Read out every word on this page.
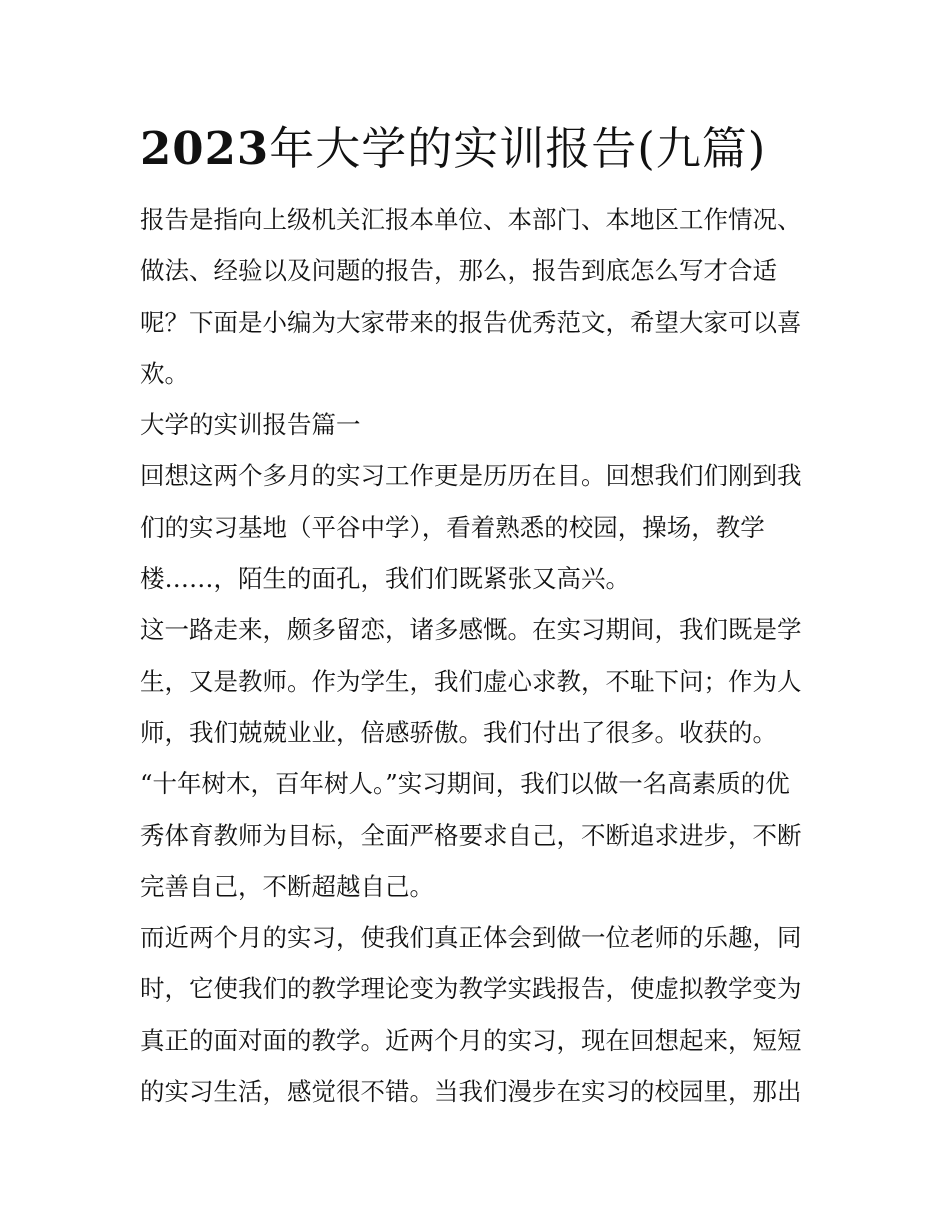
2023年大学的实训报告(九篇)

报告是指向上级机关汇报本单位、本部门、本地区工作情况、
做法、经验以及问题的报告，那么，报告到底怎么写才合适
呢？下面是小编为大家带来的报告优秀范文，希望大家可以喜
欢。

大学的实训报告篇一

回想这两个多月的实习工作更是历历在目。回想我们们刚到我
们的实习基地（平谷中学），看着熟悉的校园，操场，教学
楼……，陌生的面孔，我们们既紧张又高兴。

这一路走来，颇多留恋，诸多感慨。在实习期间，我们既是学
生，又是教师。作为学生，我们虚心求教，不耻下问；作为人
师，我们兢兢业业，倍感骄傲。我们付出了很多。收获的。

“十年树木，百年树人。”实习期间，我们以做一名高素质的优
秀体育教师为目标，全面严格要求自己，不断追求进步，不断
完善自己，不断超越自己。

而近两个月的实习，使我们真正体会到做一位老师的乐趣，同
时，它使我们的教学理论变为教学实践报告，使虚拟教学变为
真正的面对面的教学。近两个月的实习，现在回想起来，短短
的实习生活，感觉很不错。当我们漫步在实习的校园里，那出
